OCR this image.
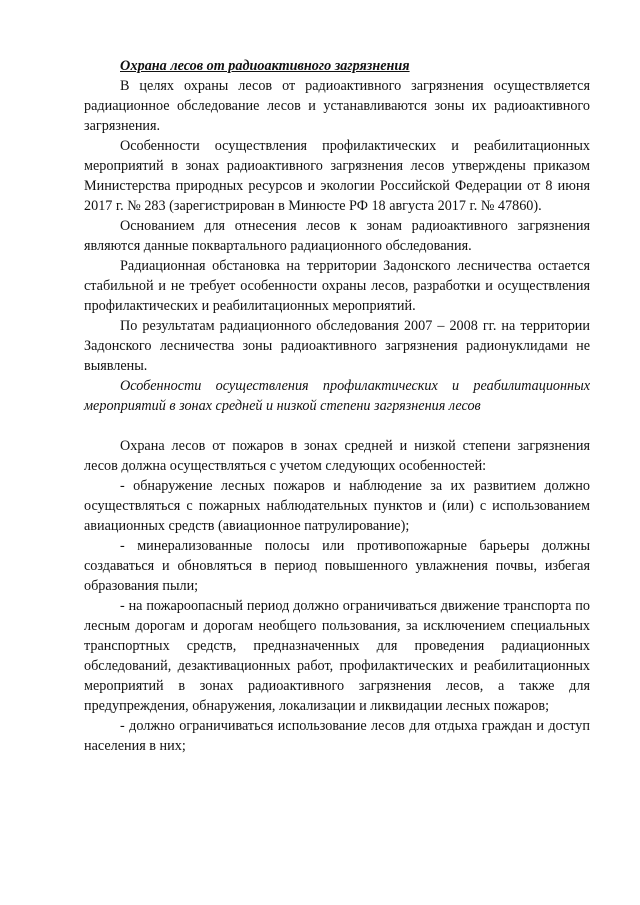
Охрана лесов от радиоактивного загрязнения

В целях охраны лесов от радиоактивного загрязнения осуществляется радиационное обследование лесов и устанавливаются зоны их радиоактивного загрязнения.

Особенности осуществления профилактических и реабилитационных мероприятий в зонах радиоактивного загрязнения лесов утверждены приказом Министерства природных ресурсов и экологии Российской Федерации от 8 июня 2017 г. № 283 (зарегистрирован в Минюсте РФ 18 августа 2017 г. № 47860).

Основанием для отнесения лесов к зонам радиоактивного загрязнения являются данные поквартального радиационного обследования.

Радиационная обстановка на территории Задонского лесничества остается стабильной и не требует особенности охраны лесов, разработки и осуществления профилактических и реабилитационных мероприятий.

По результатам радиационного обследования 2007 – 2008 гг. на территории Задонского лесничества зоны радиоактивного загрязнения радионуклидами не выявлены.

Особенности осуществления профилактических и реабилитационных мероприятий в зонах средней и низкой степени загрязнения лесов

Охрана лесов от пожаров в зонах средней и низкой степени загрязнения лесов должна осуществляться с учетом следующих особенностей:

- обнаружение лесных пожаров и наблюдение за их развитием должно осуществляться с пожарных наблюдательных пунктов и (или) с использованием авиационных средств (авиационное патрулирование);

- минерализованные полосы или противопожарные барьеры должны создаваться и обновляться в период повышенного увлажнения почвы, избегая образования пыли;

- на пожароопасный период должно ограничиваться движение транспорта по лесным дорогам и дорогам необщего пользования, за исключением специальных транспортных средств, предназначенных для проведения радиационных обследований, дезактивационных работ, профилактических и реабилитационных мероприятий в зонах радиоактивного загрязнения лесов, а также для предупреждения, обнаружения, локализации и ликвидации лесных пожаров;

- должно ограничиваться использование лесов для отдыха граждан и доступ населения в них;
